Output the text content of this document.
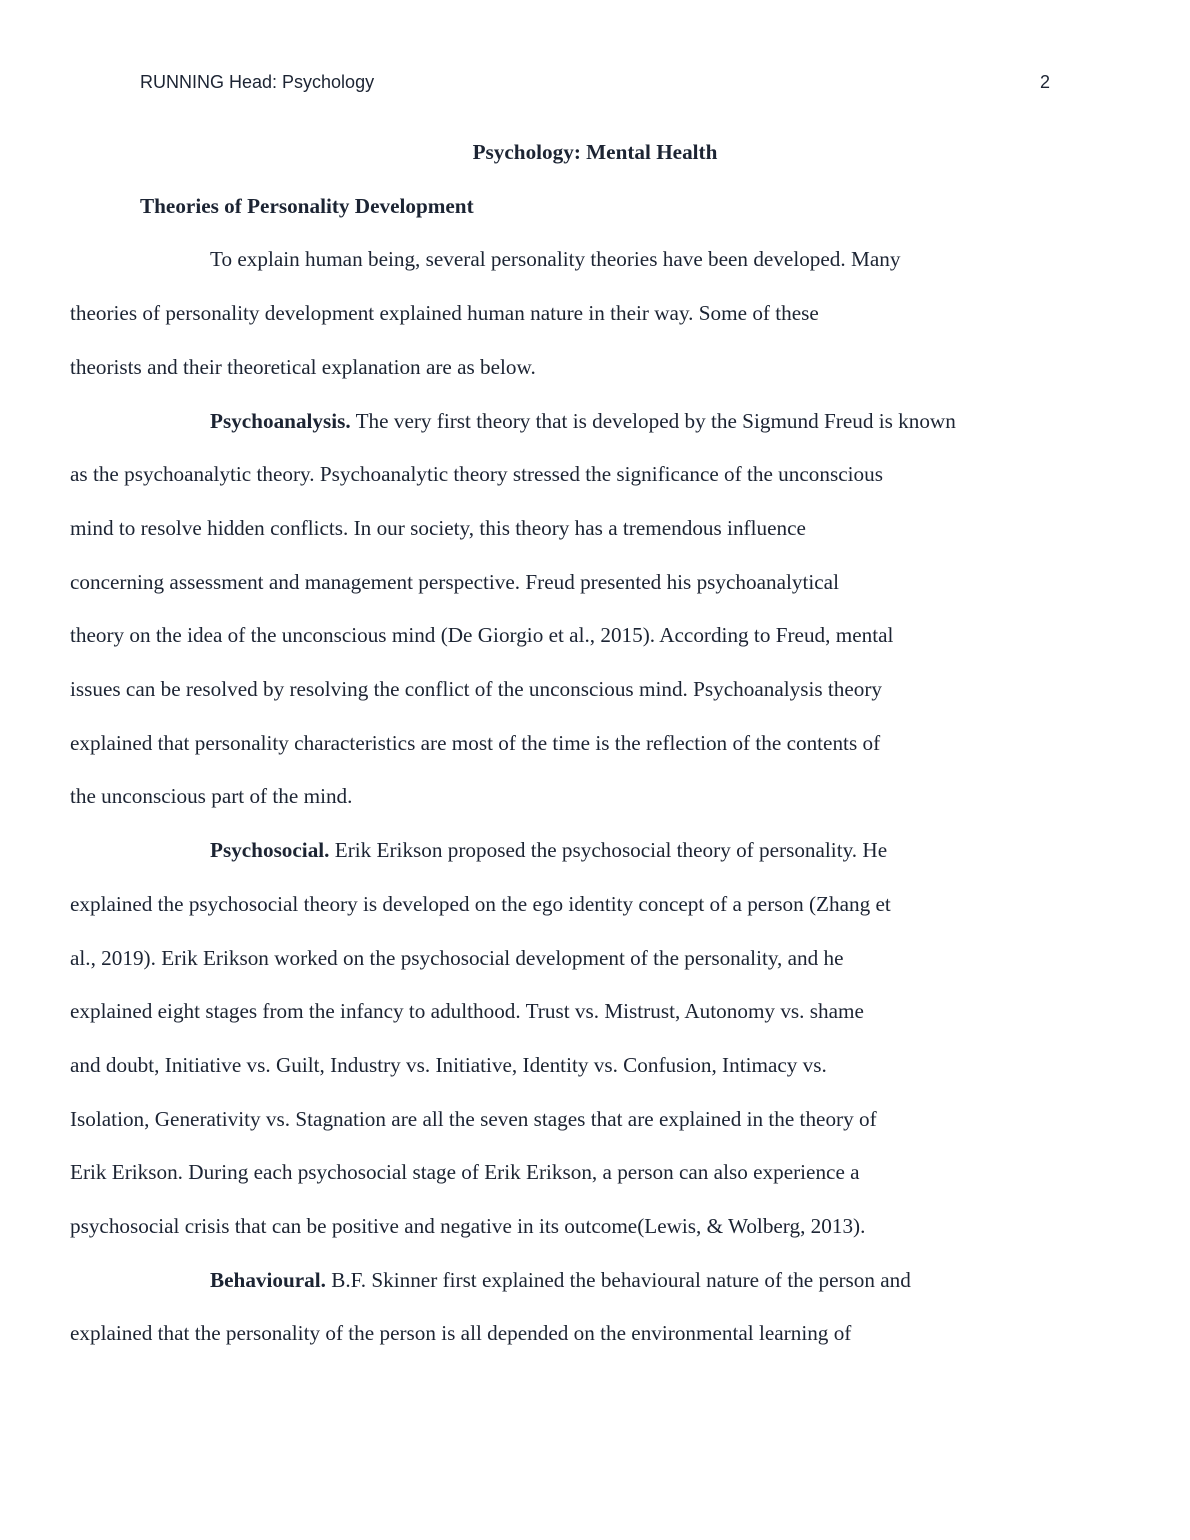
RUNNING Head: Psychology	2

Psychology: Mental Health

Theories of Personality Development

To explain human being, several personality theories have been developed. Many
theories of personality development explained human nature in their way. Some of these
theorists and their theoretical explanation are as below.

Psychoanalysis. The very first theory that is developed by the Sigmund Freud is known
as the psychoanalytic theory. Psychoanalytic theory stressed the significance of the unconscious
mind to resolve hidden conflicts. In our society, this theory has a tremendous influence
concerning assessment and management perspective. Freud presented his psychoanalytical
theory on the idea of the unconscious mind (De Giorgio et al., 2015). According to Freud, mental
issues can be resolved by resolving the conflict of the unconscious mind. Psychoanalysis theory
explained that personality characteristics are most of the time is the reflection of the contents of
the unconscious part of the mind.

Psychosocial. Erik Erikson proposed the psychosocial theory of personality. He
explained the psychosocial theory is developed on the ego identity concept of a person (Zhang et
al., 2019). Erik Erikson worked on the psychosocial development of the personality, and he
explained eight stages from the infancy to adulthood. Trust vs. Mistrust, Autonomy vs. shame
and doubt, Initiative vs. Guilt, Industry vs. Initiative, Identity vs. Confusion, Intimacy vs.
Isolation, Generativity vs. Stagnation are all the seven stages that are explained in the theory of
Erik Erikson. During each psychosocial stage of Erik Erikson, a person can also experience a
psychosocial crisis that can be positive and negative in its outcome(Lewis, & Wolberg, 2013).

Behavioural. B.F. Skinner first explained the behavioural nature of the person and
explained that the personality of the person is all depended on the environmental learning of
